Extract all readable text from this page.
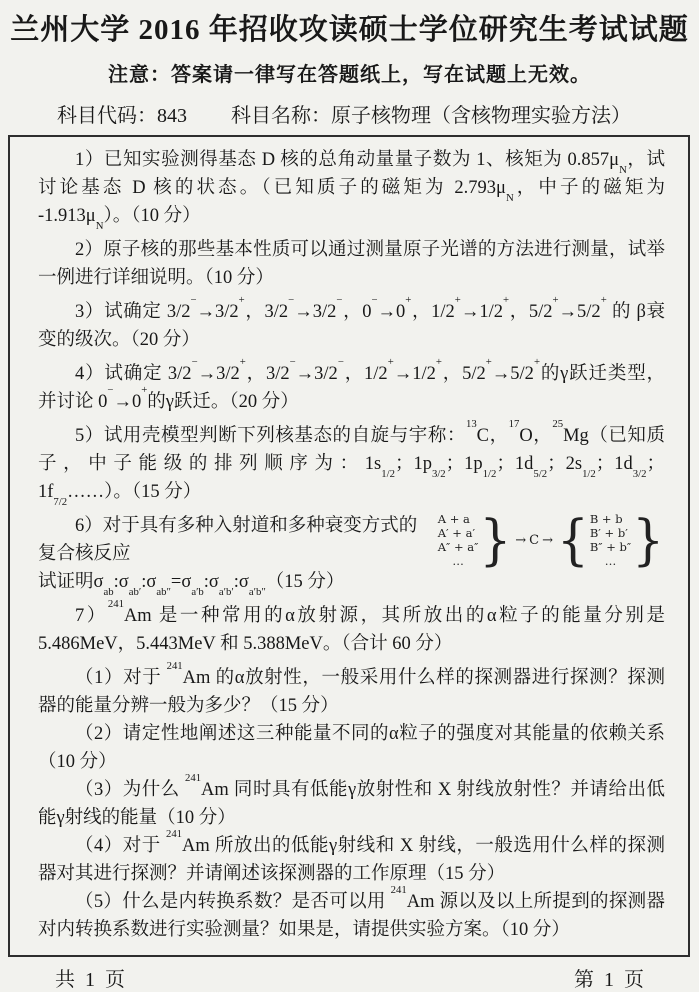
兰州大学 2016 年招收攻读硕士学位研究生考试试题
注意：答案请一律写在答题纸上，写在试题上无效。
科目代码：843 科目名称：原子核物理（含核物理实验方法）

1）已知实验测得基态 D 核的总角动量量子数为 1、核矩为 $0.857\mu_N$，试讨论基态 D 核的状态。（已知质子的磁矩为 $2.793\mu_N$，中子的磁矩为 $-1.913\mu_N$）。（10 分）

2）原子核的那些基本性质可以通过测量原子光谱的方法进行测量，试举一例进行详细说明。（10 分）

3）试确定 3/2−→3/2+，3/2−→3/2−，0−→0+，1/2+→1/2+，5/2+→5/2+ 的 β衰变的级次。（20 分）

4）试确定 3/2−→3/2+，3/2−→3/2−，1/2+→1/2+，5/2+→5/2+的γ跃迁类型，并讨论 0−→0+的γ跃迁。（20 分）

5）试用壳模型判断下列核基态的自旋与宇称：$^{13}$C，$^{17}$O，$^{25}$Mg（已知质子，中子能级的排列顺序为：$1s_{1/2}$；$1p_{3/2}$；$1p_{1/2}$；$1d_{5/2}$；$2s_{1/2}$；$1d_{3/2}$；$1f_{7/2}\dots\dots$）。（15 分）

6）对于具有多种入射道和多种衰变方式的复合核反应
A + a
A′ + a′
A″ + a″
… } → C → { B + b
B′ + b′
B″ + b″
… }

试证明$\sigma_{ab}:\sigma_{ab'}:\sigma_{ab''}=\sigma_{a'b}:\sigma_{a'b'}:\sigma_{a'b''}(15$ 分）

7）$^{241}$Am 是一种常用的α放射源，其所放出的α粒子的能量分别是 5.486MeV，5.443MeV 和 5.388MeV。（合计 60 分）

（1）对于 $^{241}$Am 的α放射性，一般采用什么样的探测器进行探测？探测器的能量分辨一般为多少？（15 分）

（2）请定性地阐述这三种能量不同的α粒子的强度对其能量的依赖关系（10 分）

（3）为什么 $^{241}$Am 同时具有低能γ放射性和 X 射线放射性？并请给出低能γ射线的能量（10 分）

（4）对于 $^{241}$Am 所放出的低能γ射线和 X 射线，一般选用什么样的探测器对其进行探测？并请阐述该探测器的工作原理（15 分）

（5）什么是内转换系数？是否可以用 $^{241}$Am 源以及以上所提到的探测器对内转换系数进行实验测量？如果是，请提供实验方案。（10 分）

共  1  页	第  1  页
